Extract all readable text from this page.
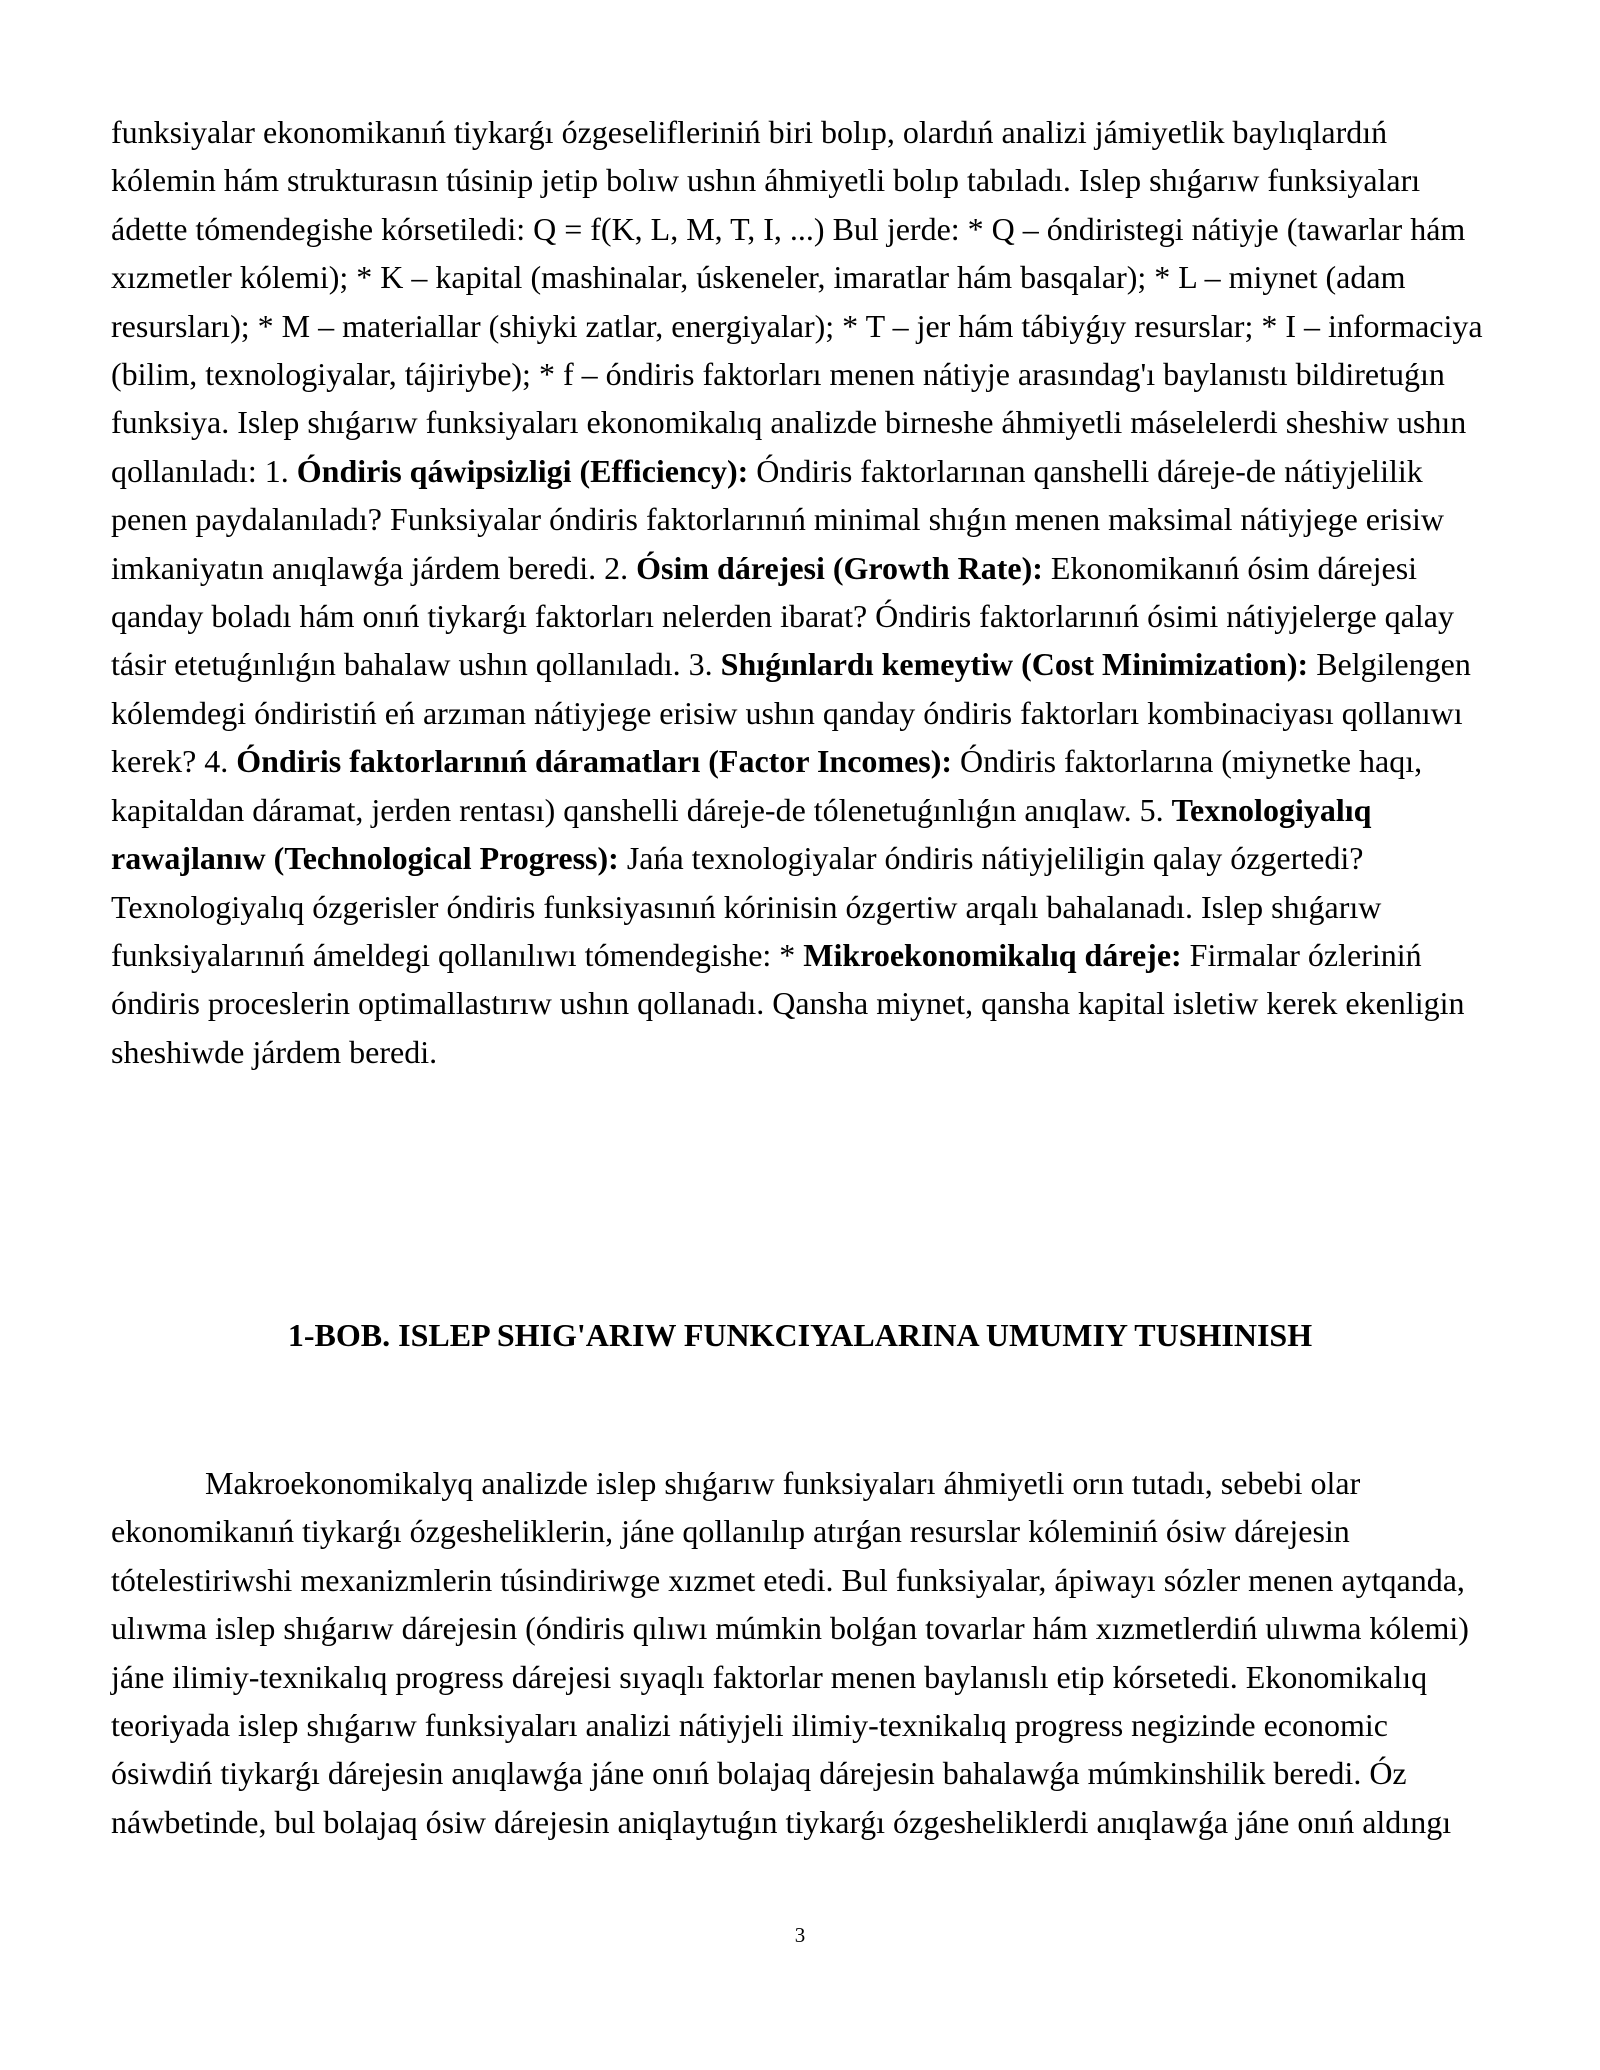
funksiyalar ekonomikanıń tiykarǵı ózgeselifleriniń biri bolıp, olardıń analizi jámiyetlik baylıqlardıń kólemin hám strukturasın túsinip jetip bolıw ushın áhmiyetli bolıp tabıladı. Islep shıǵarıw funksiyaları ádette tómendegishe kórsetiledi: Q = f(K, L, M, T, I, ...) Bul jerde: * Q – óndiristegi nátiyje (tawarlar hám xızmetler kólemi); * K – kapital (mashinalar, úskeneler, imaratlar hám basqalar); * L – miynet (adam resursları); * M – materiallar (shiyki zatlar, energiyalar); * T – jer hám tábiyǵıy resurslar; * I – informaciya (bilim, texnologiyalar, tájiriybe); * f – óndiris faktorları menen nátiyje arasındag'ı baylanıstı bildiretuǵın funksiya. Islep shıǵarıw funksiyaları ekonomikalıq analizde birneshe áhmiyetli máselelerdi sheshiw ushın qollanıladı: 1. Óndiris qáwipsizligi (Efficiency): Óndiris faktorlarınan qanshelli dáreje-de nátiyjelilik penen paydalanıladı? Funksiyalar óndiris faktorlarınıń minimal shıǵın menen maksimal nátiyjege erisiw imkaniyatın anıqlawǵa járdem beredi. 2. Ósim dárejesi (Growth Rate): Ekonomikanıń ósim dárejesi qanday boladı hám onıń tiykarǵı faktorları nelerden ibarat? Óndiris faktorlarınıń ósimi nátiyjelerge qalay tásir etetuǵınlıǵın bahalaw ushın qollanıladı. 3. Shıǵınlardı kemeytiw (Cost Minimization): Belgilengen kólemdegi óndiristiń eń arzıman nátiyjege erisiw ushın qanday óndiris faktorları kombinaciyası qollanıwı kerek? 4. Óndiris faktorlarınıń dáramatları (Factor Incomes): Óndiris faktorlarına (miynetke haqı, kapitaldan dáramat, jerden rentası) qanshelli dáreje-de tólenetuǵınlıǵın anıqlaw. 5. Texnologiyalıq rawajlanıw (Technological Progress): Jańa texnologiyalar óndiris nátiyjeliligin qalay ózgertedi? Texnologiyalıq ózgerisler óndiris funksiyasınıń kórinisin ózgertiw arqalı bahalanadı. Islep shıǵarıw funksiyalarınıń ámeldegi qollanılıwı tómendegishe: * Mikroekonomikalıq dáreje: Firmalar ózleriniń óndiris proceslerin optimallastırıw ushın qollanadı. Qansha miynet, qansha kapital isletiw kerek ekenligin sheshiwde járdem beredi.

1-BOB. ISLEP SHIG'ARIW FUNKCIYALARINA UMUMIY TUSHINISH

Makroekonomikalyq analizde islep shıǵarıw funksiyaları áhmiyetli orın tutadı, sebebi olar ekonomikanıń tiykarǵı ózgesheliklerin, jáne qollanılıp atırǵan resurslar kóleminiń ósiw dárejesin tótelestiriwshi mexanizmlerin túsindiriwge xızmet etedi. Bul funksiyalar, ápiwayı sózler menen aytqanda, ulıwma islep shıǵarıw dárejesin (óndiris qılıwı múmkin bolǵan tovarlar hám xızmetlerdiń ulıwma kólemi) jáne ilimiy-texnikalıq progress dárejesi sıyaqlı faktorlar menen baylanıslı etip kórsetedi. Ekonomikalıq teoriyada islep shıǵarıw funksiyaları analizi nátiyjeli ilimiy-texnikalıq progress negizinde economic ósiwdiń tiykarǵı dárejesin anıqlawǵa jáne onıń bolajaq dárejesin bahalawǵa múmkinshilik beredi. Óz náwbetinde, bul bolajaq ósiw dárejesin aniqlaytuǵın tiykarǵı ózgesheliklerdi anıqlawǵa jáne onıń aldıngı

3
